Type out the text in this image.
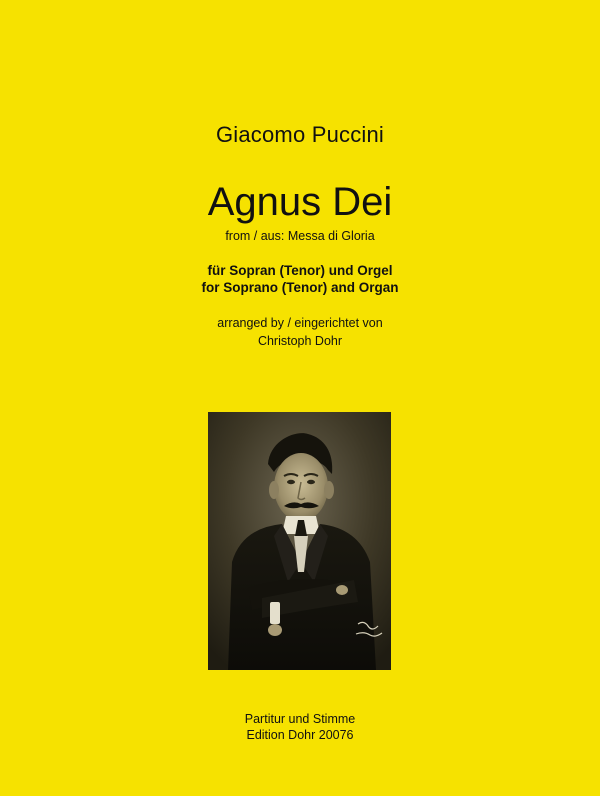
Giacomo Puccini
Agnus Dei
from / aus: Messa di Gloria
für Sopran (Tenor) und Orgel
for Soprano (Tenor) and Organ
arranged by / eingerichtet von
Christoph Dohr
Partitur und Stimme
Edition Dohr 20076
